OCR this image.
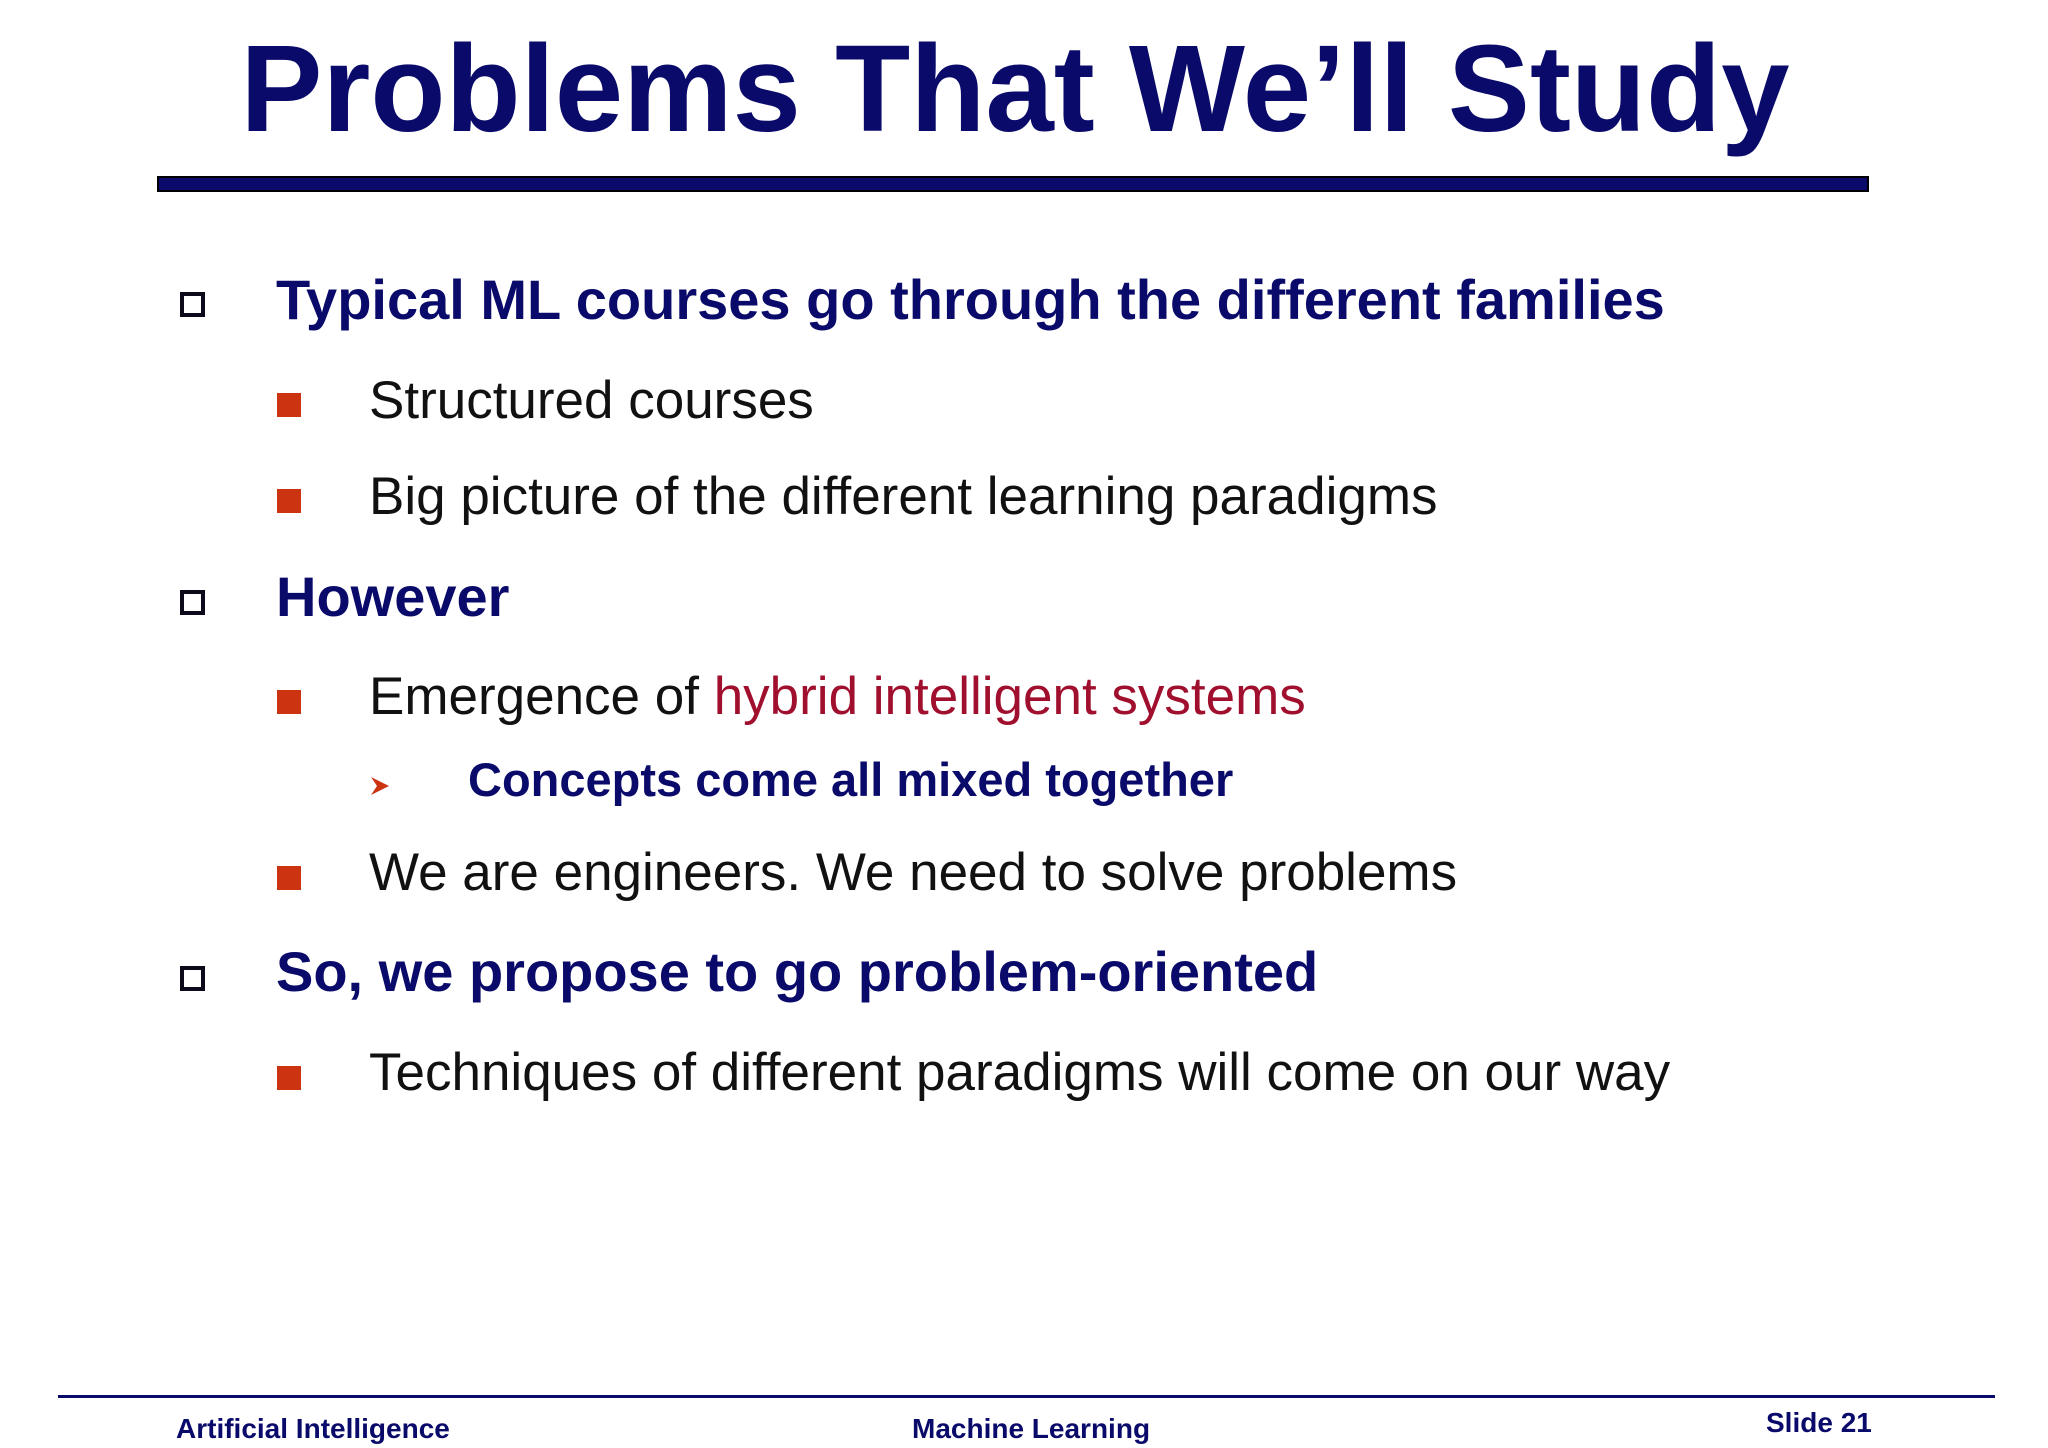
Problems That We’ll Study
Typical ML courses go through the different families
Structured courses
Big picture of the different learning paradigms
However
Emergence of hybrid intelligent systems
Concepts come all mixed together
We are engineers. We need to solve problems
So, we propose to go problem-oriented
Techniques of different paradigms will come on our way
Artificial Intelligence	Machine Learning	Slide 21
